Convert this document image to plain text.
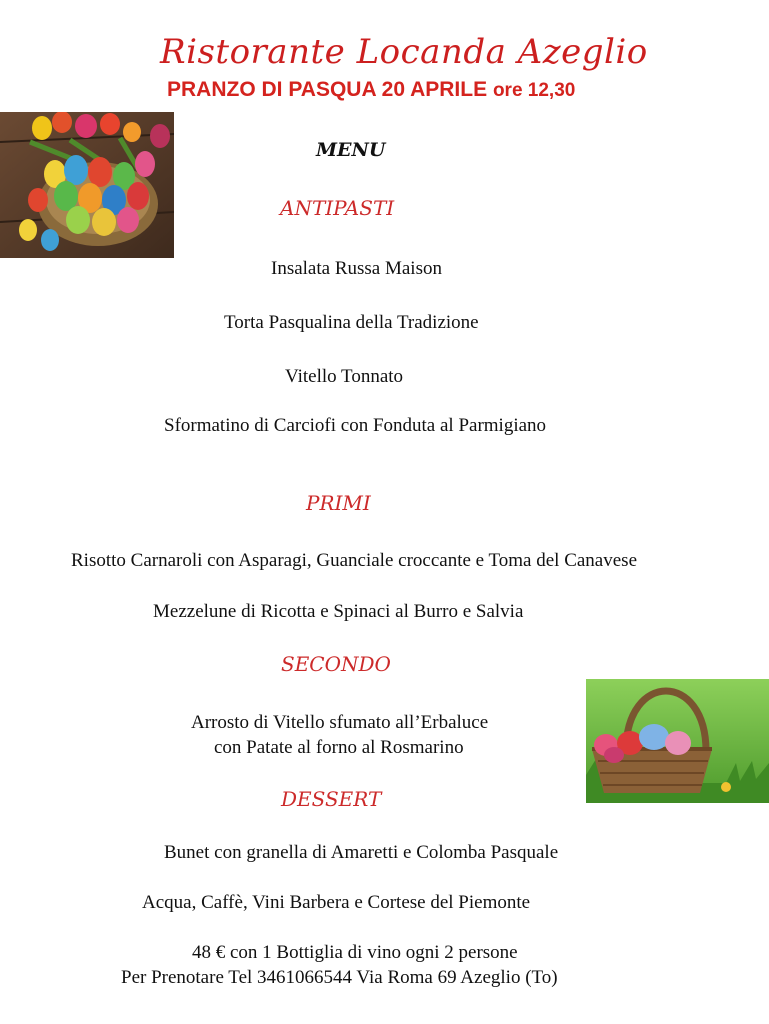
Ristorante Locanda Azeglio
PRANZO DI PASQUA 20 APRILE ore 12,30
MENU
ANTIPASTI
Insalata Russa Maison
Torta Pasqualina della Tradizione
Vitello Tonnato
Sformatino di Carciofi con Fonduta al Parmigiano
PRIMI
Risotto Carnaroli con Asparagi, Guanciale croccante e Toma del Canavese
Mezzelune di Ricotta e Spinaci al Burro e Salvia
SECONDO
Arrosto di Vitello sfumato all’Erbaluce
con Patate al forno al Rosmarino
DESSERT
Bunet con granella di Amaretti e Colomba Pasquale
Acqua, Caffè, Vini Barbera e Cortese del Piemonte
48 € con 1 Bottiglia di vino ogni 2 persone
Per Prenotare Tel 3461066544 Via Roma 69 Azeglio (To)
